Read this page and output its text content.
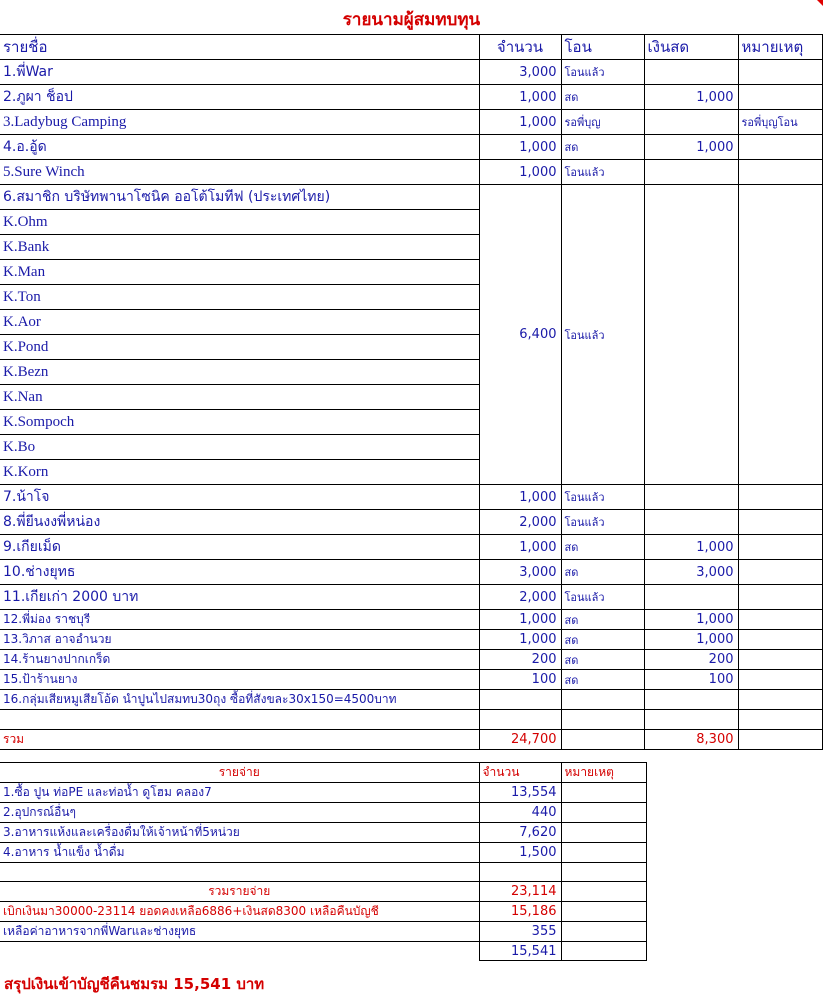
รายนามผู้สมทบทุน
รายชื่อ	จำนวน	โอน	เงินสด	หมายเหตุ
1.พี่War	3,000	โอนแล้ว		
2.ภูผา ช็อป	1,000	สด	1,000	
3.Ladybug Camping	1,000	รอพี่บุญ		รอพี่บุญโอน
4.อ.อู้ด	1,000	สด	1,000	
5.Sure Winch	1,000	โอนแล้ว		
6.สมาชิก บริษัทพานาโซนิค ออโต้โมทีฟ (ประเทศไทย)	6,400	โอนแล้ว		
K.Ohm				
K.Bank				
K.Man				
K.Ton				
K.Aor				
K.Pond				
K.Bezn				
K.Nan				
K.Sompoch				
K.Bo				
K.Korn				
7.น้าโจ	1,000	โอนแล้ว		
8.พี่ยีนงงพี่หน่อง	2,000	โอนแล้ว		
9.เกียเม็ด	1,000	สด	1,000	
10.ช่างยุทธ	3,000	สด	3,000	
11.เกียเก่า 2000 บาท	2,000	โอนแล้ว		
12.พี่ม่อง ราชบุรี	1,000	สด	1,000	
13.วิภาส อาจอำนวย	1,000	สด	1,000	
14.ร้านยางปากเกร็ด	200	สด	200	
15.ป้าร้านยาง	100	สด	100	
16.กลุ่มเสียหมูเสียโอ้ด นำปูนไปสมทบ30ถุง ซื้อที่สังขละ30x150=4500บาท				

รวม	24,700		8,300	
รายจ่าย	จำนวน	หมายเหตุ
1.ซื้อ ปูน ท่อPE และท่อน้ำ ดูโฮม คลอง7	13,554	
2.อุปกรณ์อื่นๆ	440	
3.อาหารแห้งและเครื่องดื่มให้เจ้าหน้าที่5หน่วย	7,620	
4.อาหาร น้ำแข็ง น้ำดื่ม	1,500	

รวมรายจ่าย	23,114	
เบิกเงินมา30000-23114 ยอดคงเหลือ6886+เงินสด8300 เหลือคืนบัญชี	15,186	
เหลือค่าอาหารจากพี่Warและช่างยุทธ	355	
	15,541	
สรุปเงินเข้าบัญชีคืนชมรม 15,541 บาท
